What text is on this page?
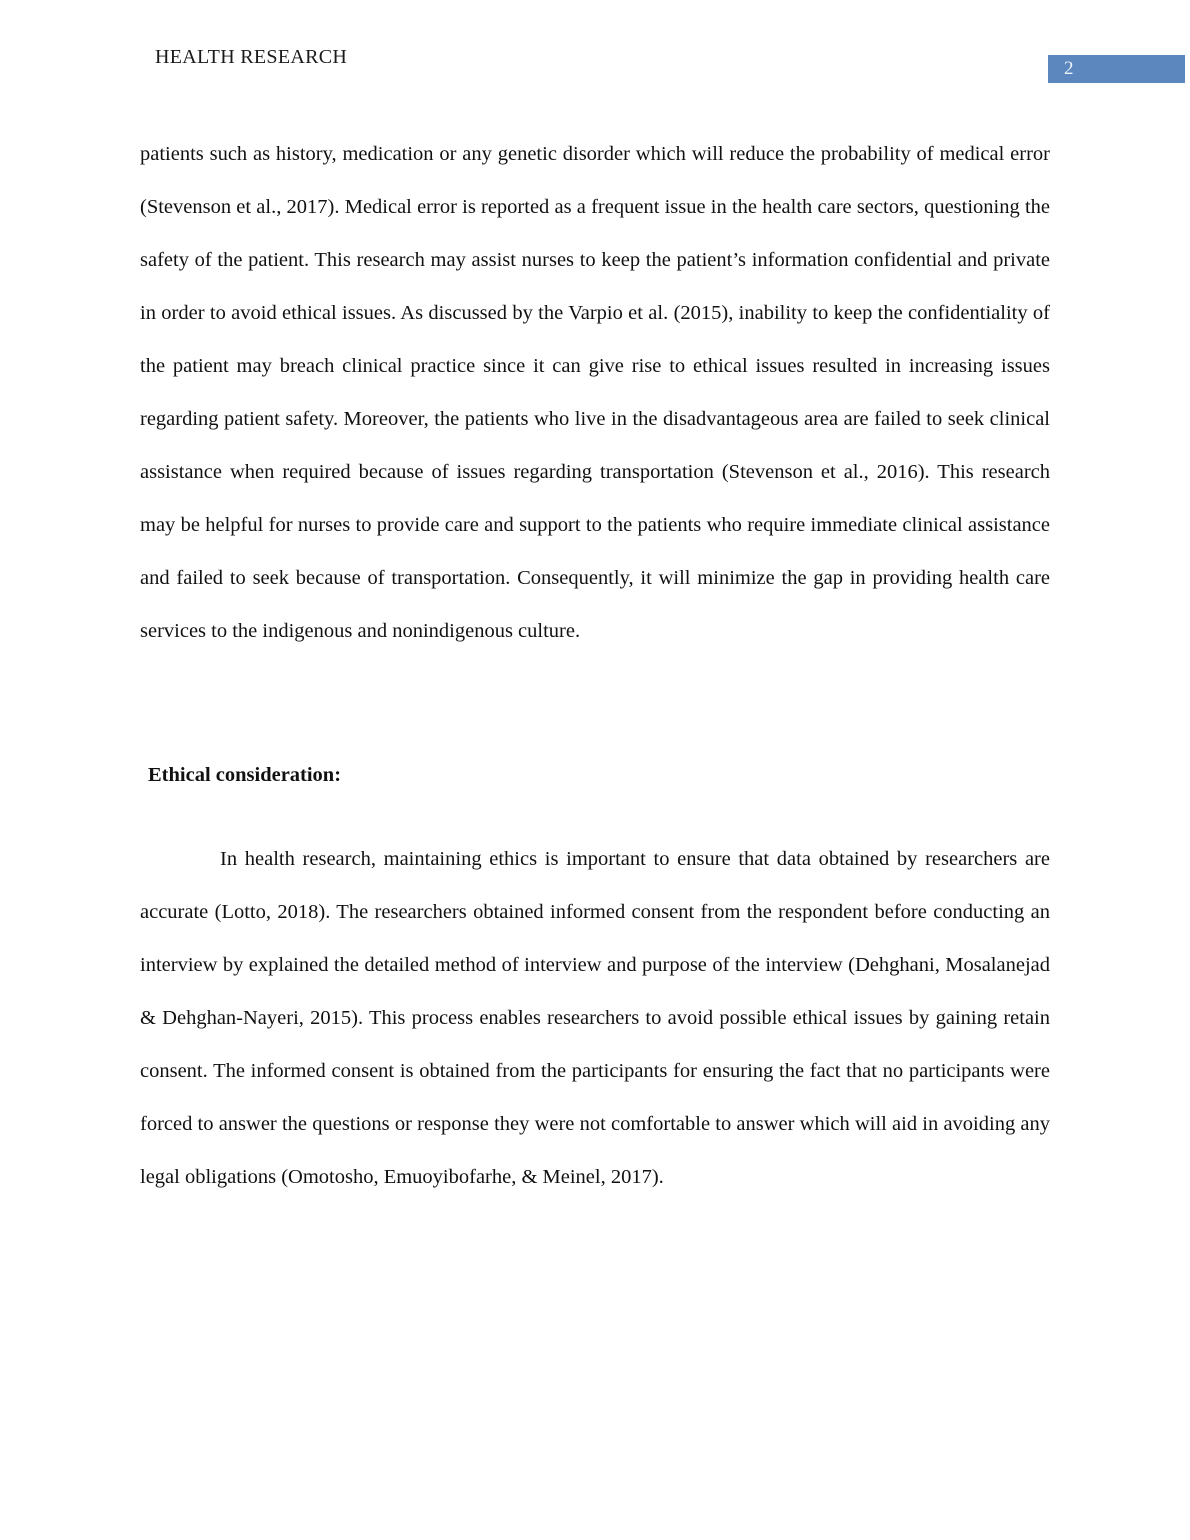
HEALTH RESEARCH
2

patients such as history, medication or any genetic disorder which will reduce the probability of medical error (Stevenson et al., 2017). Medical error is reported as a frequent issue in the health care sectors, questioning the safety of the patient. This research may assist nurses to keep the patient’s information confidential and private in order to avoid ethical issues. As discussed by the Varpio et al. (2015), inability to keep the confidentiality of the patient may breach clinical practice since it can give rise to ethical issues resulted in increasing issues regarding patient safety. Moreover, the patients who live in the disadvantageous area are failed to seek clinical assistance when required because of issues regarding transportation (Stevenson et al., 2016). This research may be helpful for nurses to provide care and support to the patients who require immediate clinical assistance and failed to seek because of transportation. Consequently, it will minimize the gap in providing health care services to the indigenous and nonindigenous culture.

Ethical consideration:

In health research, maintaining ethics is important to ensure that data obtained by researchers are accurate (Lotto, 2018). The researchers obtained informed consent from the respondent before conducting an interview by explained the detailed method of interview and purpose of the interview (Dehghani, Mosalanejad & Dehghan-Nayeri, 2015). This process enables researchers to avoid possible ethical issues by gaining retain consent. The informed consent is obtained from the participants for ensuring the fact that no participants were forced to answer the questions or response they were not comfortable to answer which will aid in avoiding any legal obligations (Omotosho, Emuoyibofarhe, & Meinel, 2017).
